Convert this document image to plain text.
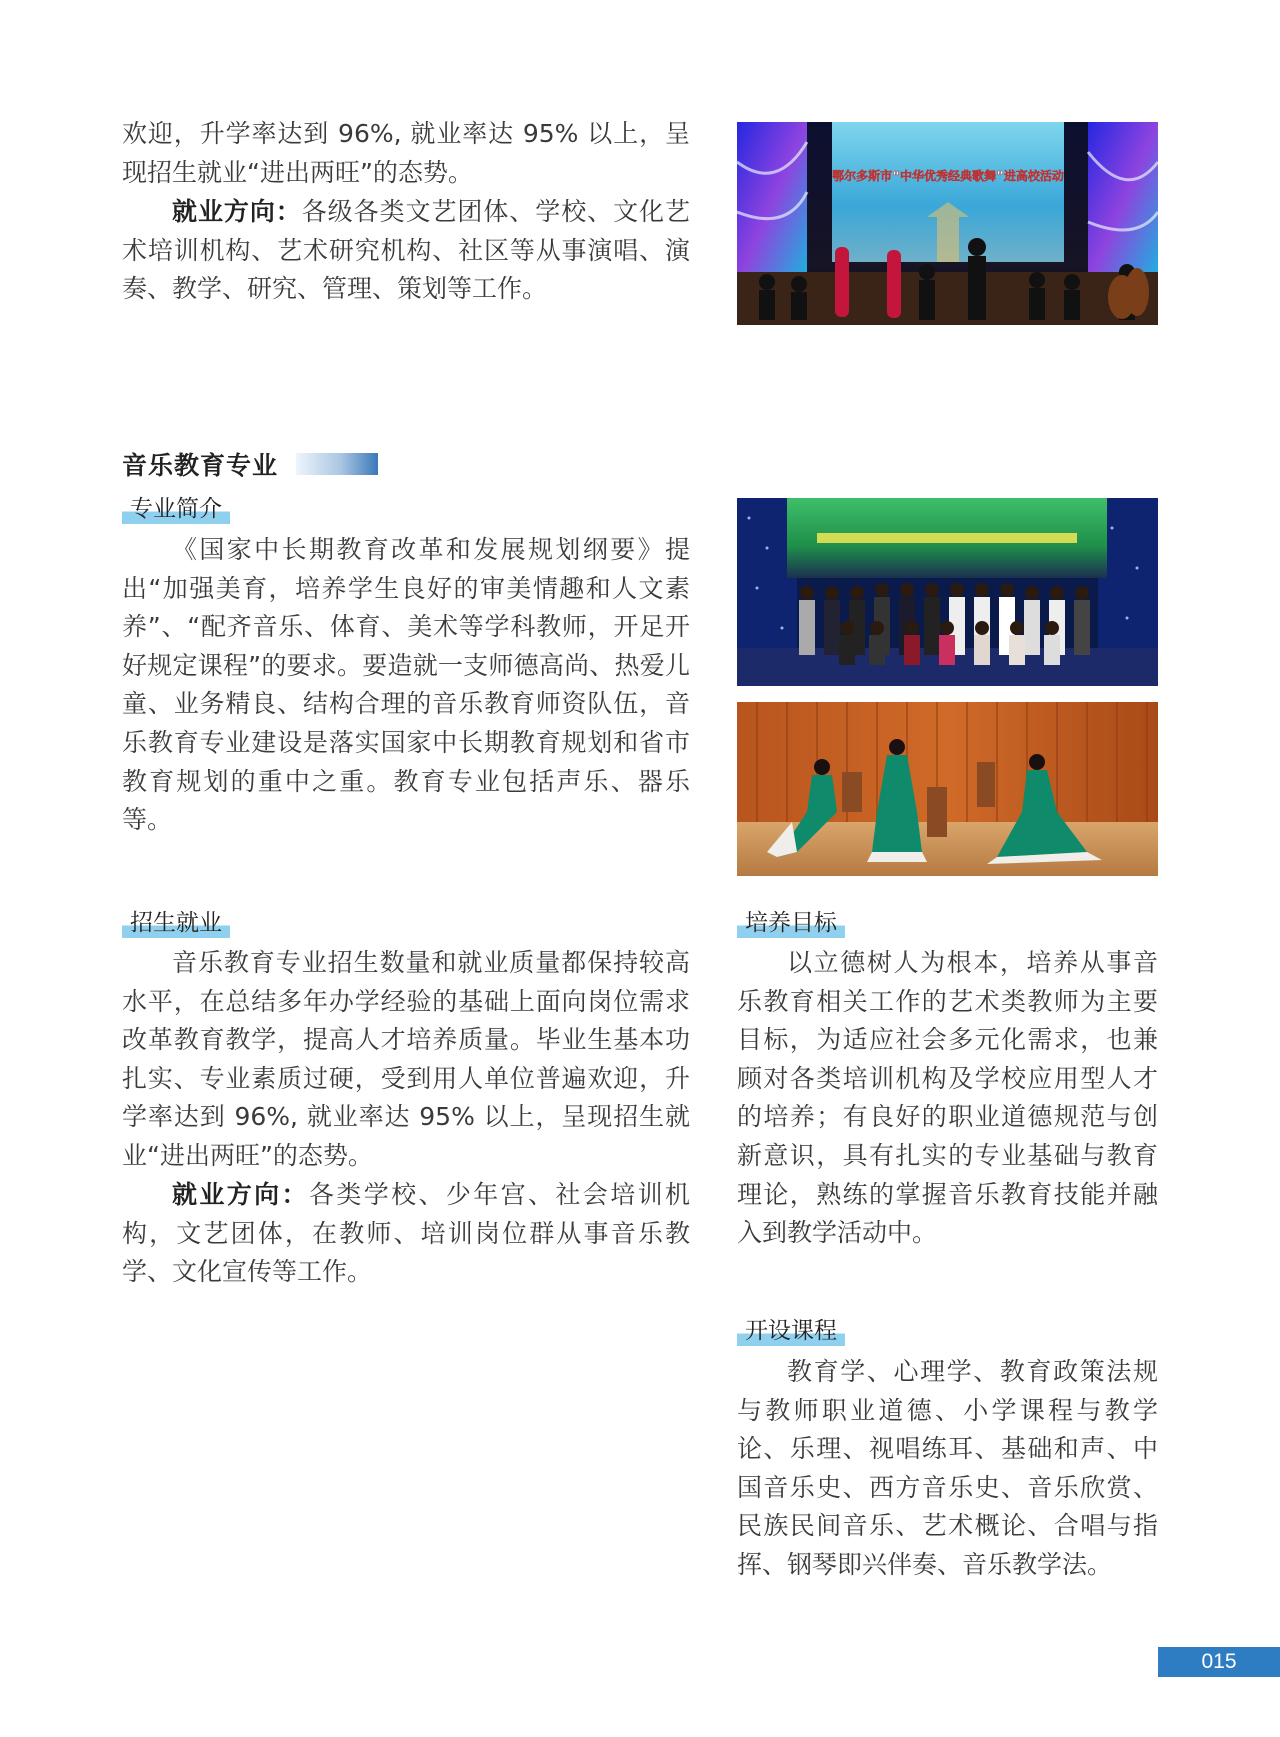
欢迎，升学率达到 96%, 就业率达 95% 以上，呈现招生就业“进出两旺”的态势。

就业方向：各级各类文艺团体、学校、文化艺术培训机构、艺术研究机构、社区等从事演唱、演奏、教学、研究、管理、策划等工作。

鄂尔多斯市“中华优秀经典歌舞”进高校活动
音乐教育专业
专业简介

《国家中长期教育改革和发展规划纲要》提出“加强美育，培养学生良好的审美情趣和人文素养”、“配齐音乐、体育、美术等学科教师，开足开好规定课程”的要求。要造就一支师德高尚、热爱儿童、业务精良、结构合理的音乐教育师资队伍，音乐教育专业建设是落实国家中长期教育规划和省市教育规划的重中之重。教育专业包括声乐、器乐等。

招生就业

音乐教育专业招生数量和就业质量都保持较高水平，在总结多年办学经验的基础上面向岗位需求改革教育教学，提高人才培养质量。毕业生基本功扎实、专业素质过硬，受到用人单位普遍欢迎，升学率达到 96%, 就业率达 95% 以上，呈现招生就业“进出两旺”的态势。

就业方向：各类学校、少年宫、社会培训机构，文艺团体，在教师、培训岗位群从事音乐教学、文化宣传等工作。

培养目标

以立德树人为根本，培养从事音乐教育相关工作的艺术类教师为主要目标，为适应社会多元化需求，也兼顾对各类培训机构及学校应用型人才的培养；有良好的职业道德规范与创新意识，具有扎实的专业基础与教育理论，熟练的掌握音乐教育技能并融入到教学活动中。

开设课程

教育学、心理学、教育政策法规与教师职业道德、小学课程与教学论、乐理、视唱练耳、基础和声、中国音乐史、西方音乐史、音乐欣赏、民族民间音乐、艺术概论、合唱与指挥、钢琴即兴伴奏、音乐教学法。

015
